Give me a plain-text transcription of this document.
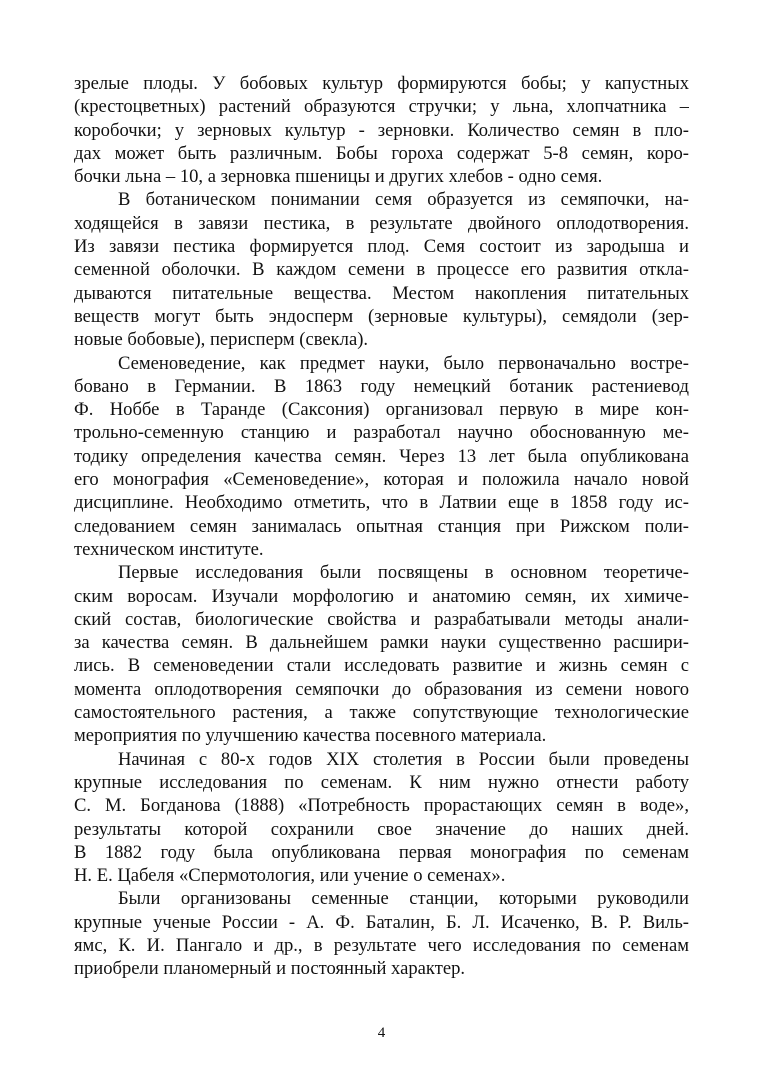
зрелые плоды. У бобовых культур формируются бобы; у капустных
(крестоцветных) растений образуются стручки; у льна, хлопчатника –
коробочки; у зерновых культур - зерновки. Количество семян в пло-
дах может быть различным. Бобы гороха содержат 5-8 семян, коро-
бочки льна – 10, а зерновка пшеницы и других хлебов - одно семя.
В ботаническом понимании семя образуется из семяпочки, на-
ходящейся в завязи пестика, в результате двойного оплодотворения.
Из завязи пестика формируется плод. Семя состоит из зародыша и
семенной оболочки. В каждом семени в процессе его развития откла-
дываются питательные вещества. Местом накопления питательных
веществ могут быть эндосперм (зерновые культуры), семядоли (зер-
новые бобовые), перисперм (свекла).
Семеноведение, как предмет науки, было первоначально востре-
бовано в Германии. В 1863 году немецкий ботаник растениевод
Ф. Ноббе в Таранде (Саксония) организовал первую в мире кон-
трольно-семенную станцию и разработал научно обоснованную ме-
тодику определения качества семян. Через 13 лет была опубликована
его монография «Семеноведение», которая и положила начало новой
дисциплине. Необходимо отметить, что в Латвии еще в 1858 году ис-
следованием семян занималась опытная станция при Рижском поли-
техническом институте.
Первые исследования были посвящены в основном теоретиче-
ским воросам. Изучали морфологию и анатомию семян, их химиче-
ский состав, биологические свойства и разрабатывали методы анали-
за качества семян. В дальнейшем рамки науки существенно расшири-
лись. В семеноведении стали исследовать развитие и жизнь семян с
момента оплодотворения семяпочки до образования из семени нового
самостоятельного растения, а также сопутствующие технологические
мероприятия по улучшению качества посевного материала.
Начиная с 80-х годов XIX столетия в России были проведены
крупные исследования по семенам. К ним нужно отнести работу
С. М. Богданова (1888) «Потребность прорастающих семян в воде»,
результаты которой сохранили свое значение до наших дней.
В 1882 году была опубликована первая монография по семенам
Н. Е. Цабеля «Спермотология, или учение о семенах».
Были организованы семенные станции, которыми руководили
крупные ученые России - А. Ф. Баталин, Б. Л. Исаченко, В. Р. Виль-
ямс, К. И. Пангало и др., в результате чего исследования по семенам
приобрели планомерный и постоянный характер.
4
